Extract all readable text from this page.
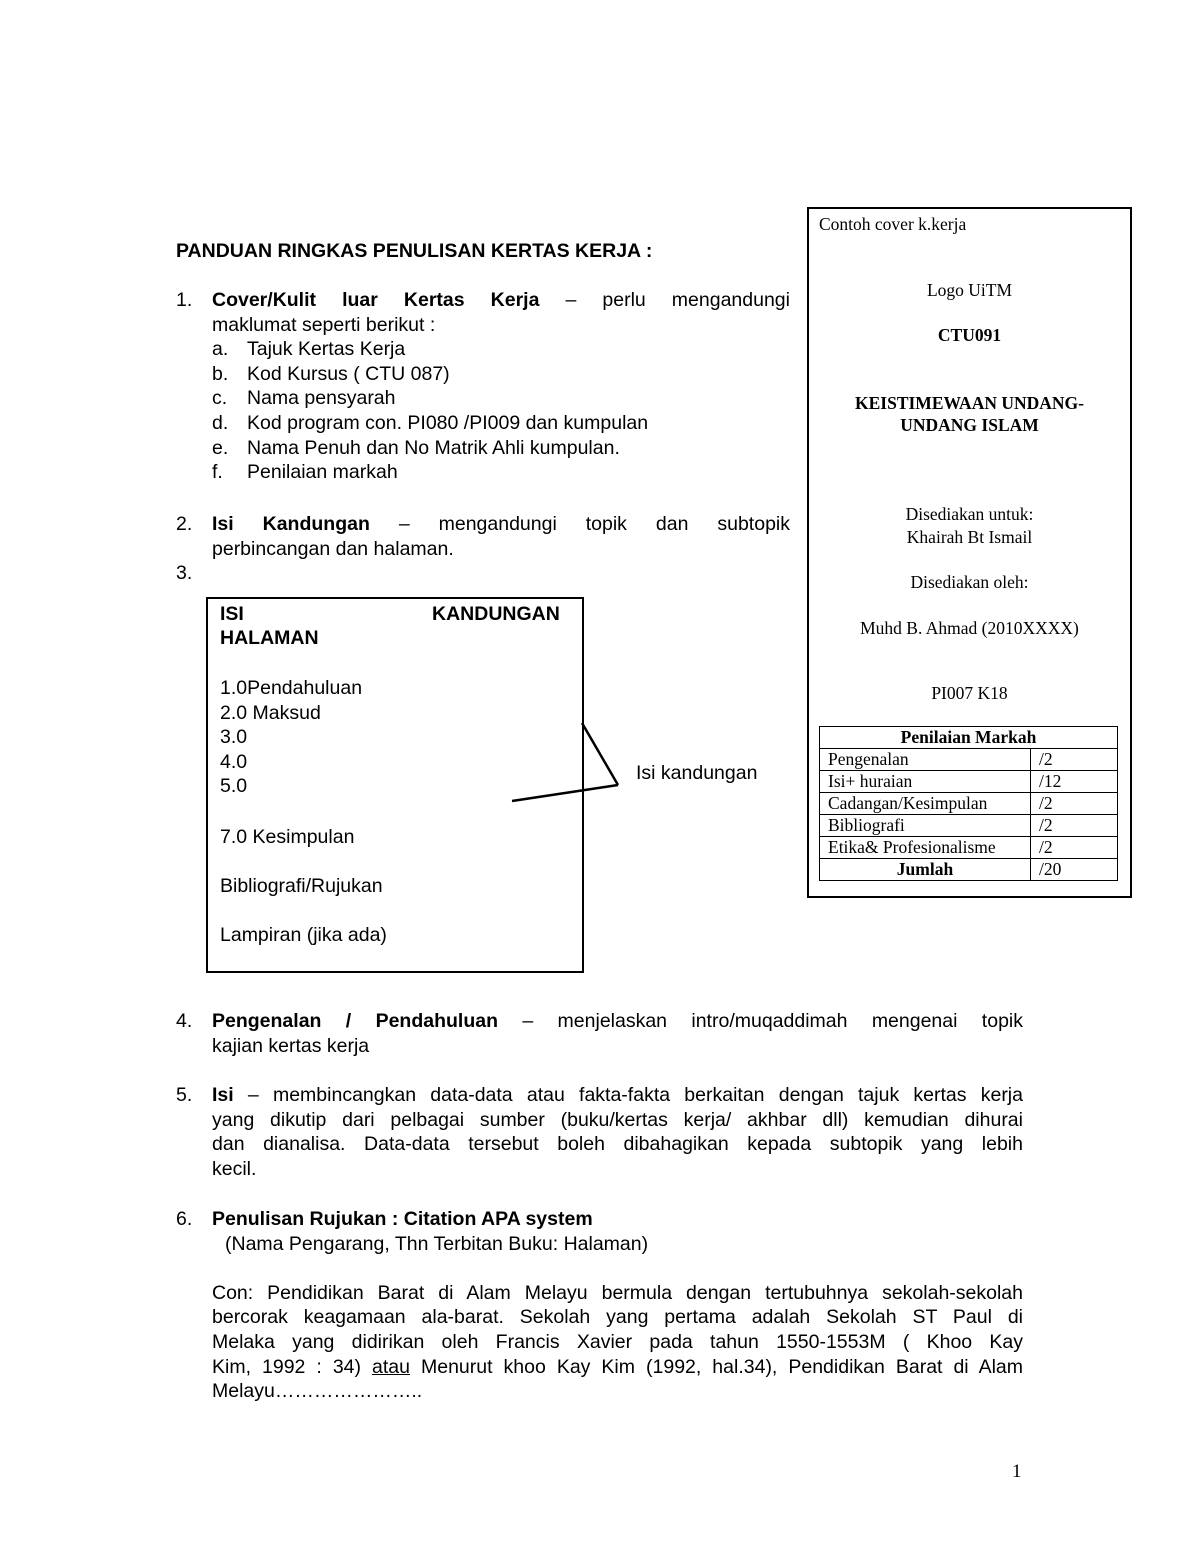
PANDUAN RINGKAS PENULISAN KERTAS KERJA :
1.	Cover/Kulit luar Kertas Kerja – perlu mengandungi
maklumat seperti berikut :
a. Tajuk Kertas Kerja
b. Kod Kursus ( CTU 087)
c. Nama pensyarah
d. Kod program con. PI080 /PI009 dan kumpulan
e. Nama Penuh dan No Matrik Ahli kumpulan.
f. Penilaian markah
2.	Isi Kandungan – mengandungi topik dan subtopik
perbincangan dan halaman.
3.
ISI	KANDUNGAN
HALAMAN
1.0Pendahuluan
2.0 Maksud
3.0
4.0
5.0
7.0 Kesimpulan
Bibliografi/Rujukan
Lampiran (jika ada)
Isi kandungan
Contoh cover k.kerja
Logo UiTM
CTU091
KEISTIMEWAAN UNDANG-
UNDANG ISLAM
Disediakan untuk:
Khairah Bt Ismail
Disediakan oleh:
Muhd B. Ahmad (2010XXXX)
PI007 K18
Penilaian Markah	
Pengenalan	/2
Isi+ huraian	/12
Cadangan/Kesimpulan	/2
Bibliografi	/2
Etika& Profesionalisme	/2
Jumlah	/20
4.	Pengenalan / Pendahuluan – menjelaskan intro/muqaddimah mengenai topik
kajian kertas kerja
5.	Isi – membincangkan data-data atau fakta-fakta berkaitan dengan tajuk kertas kerja
yang dikutip dari pelbagai sumber (buku/kertas kerja/ akhbar dll) kemudian dihurai
dan dianalisa. Data-data tersebut boleh dibahagikan kepada subtopik yang lebih
kecil.
6.	Penulisan Rujukan : Citation APA system
(Nama Pengarang, Thn Terbitan Buku: Halaman)
Con: Pendidikan Barat di Alam Melayu bermula dengan tertubuhnya sekolah-sekolah
bercorak keagamaan ala-barat. Sekolah yang pertama adalah Sekolah ST Paul di
Melaka yang didirikan oleh Francis Xavier pada tahun 1550-1553M ( Khoo Kay
Kim, 1992 : 34) atau Menurut khoo Kay Kim (1992, hal.34), Pendidikan Barat di Alam
Melayu…………………..
1
